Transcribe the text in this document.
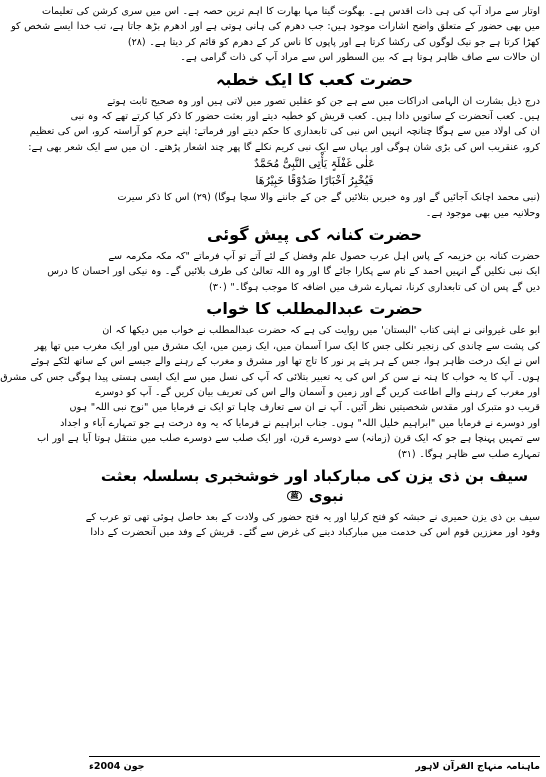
اوتار سے مراد آپ کی ہی ذات اقدس ہے۔ بھگوت گیتا مہا بھارت کا اہم ترین حصہ ہے۔ اس میں سری کرشن کی تعلیمات
میں بھی حضور کے متعلق واضح اشارات موجود ہیں: جب دھرم کی ہانی ہوتی ہے اور ادھرم بڑھ جاتا ہے، تب خدا ایسے شخص کو
کھڑا کرتا ہے جو نیک لوگوں کی رکشا کرتا ہے اور پاپوں کا ناس کر کے دھرم کو قائم کر دیتا ہے۔ (۲۸)
ان حالات سے صاف ظاہر ہوتا ہے کہ بین السطور اس سے مراد آپ کی ذات گرامی ہے۔
حضرت کعب کا ایک خطبہ
درج ذیل بشارت ان الہامی ادراکات میں سے ہے جن کو عقلیں تصور میں لاتی ہیں اور وہ صحیح ثابت ہوتے
ہیں۔ کعب آنحضرت کے ساتویں دادا ہیں۔ کعب قریش کو خطبہ دیتے اور بعثت حضور کا ذکر کیا کرتے تھے کہ وہ نبی
ان کی اولاد میں سے ہوگا چنانچہ انہیں اس نبی کی تابعداری کا حکم دیتے اور فرماتے: اپنے حرم کو آراستہ کرو، اس کی تعظیم
کرو، عنقریب اس کی بڑی شان ہوگی اور یہاں سے ایک نبی کریم نکلے گا پھر چند اشعار پڑھتے۔ ان میں سے ایک شعر بھی ہے:
عَلٰی غَفْلَۃٍ یَأْتِی النَّبِیُّ مُحَمَّدٌ
فَیُخْبِرُ اَخْبَارًا صَدُوْقًا خَبِیْرُھَا
(نبی محمد اچانک آجائیں گے اور وہ خبریں بتلائیں گے جن کے جاننے والا سچا ہوگا) (۲۹) اس کا ذکر سیرت
وحلانیہ میں بھی موجود ہے۔
حضرت کنانہ کی پیش گوئی
حضرت کنانہ بن خزیمہ کے پاس اہل عرب حصول علم وفضل کے لئے آتے تو آپ فرماتے "کہ مکہ مکرمہ سے
ایک نبی نکلیں گے انہیں احمد کے نام سے پکارا جائے گا اور وہ اللہ تعالیٰ کی طرف بلائیں گے۔ وہ نیکی اور احسان کا درس
دیں گے پس ان کی تابعداری کرنا، تمہارے شرف میں اضافہ کا موجب ہوگا۔" (۳۰)
حضرت عبدالمطلب کا خواب
ابو علی غیروانی نے اپنی کتاب 'البستان' میں روایت کی ہے کہ حضرت عبدالمطلب نے خواب میں دیکھا کہ ان
کی پشت سے چاندی کی زنجیر نکلی جس کا ایک سرا آسمان میں، ایک زمین میں، ایک مشرق میں اور ایک مغرب میں تھا پھر
اس نے ایک درخت ظاہر ہوا، جس کے ہر پتے پر نور کا تاج تھا اور مشرق و مغرب کے رہنے والے جیسے اس کے ساتھ لٹکے ہوئے
ہوں۔ آپ کا یہ خواب کا ہنہ نے سن کر اس کی یہ تعبیر بتلائی کہ آپ کی نسل میں سے ایک ایسی ہستی پیدا ہوگی جس کی مشرق
اور مغرب کے رہنے والے اطاعت کریں گے اور زمین و آسمان والے اس کی تعریف بیان کریں گے۔ آپ کو دوسرے
قریب دو متبرک اور مقدس شخصیتیں نظر آئیں۔ آپ نے ان سے تعارف چاہا تو ایک نے فرمایا میں "نوح نبی اللہ" ہوں
اور دوسرے نے فرمایا میں "ابراہیم خلیل اللہ" ہوں۔ جناب ابراہیم نے فرمایا کہ یہ وہ درخت ہے جو تمہارے آباء و اجداد
سے تمہیں پہنچا ہے جو کہ ایک قرن (زمانہ) سے دوسرے قرن، اور ایک صلب سے دوسرے صلب میں منتقل ہوتا آیا ہے اور اب
تمہارے صلب سے ظاہر ہوگا۔ (۳۱)
سیف بن ذی یزن کی مبارکباد اور خوشخبری بسلسلہ بعثت نبوی ﷺ
سیف بن ذی یزن حمیری نے حبشہ کو فتح کرلیا اور یہ فتح حضور کی ولادت کے بعد حاصل ہوئی تھی تو عرب کے
وفود اور معززین قوم اس کی خدمت میں مبارکباد دینے کی غرض سے گئے۔ قریش کے وفد میں آنحضرت کے دادا
ماہنامہ منہاج القرآن لاہور
جون 2004ء
